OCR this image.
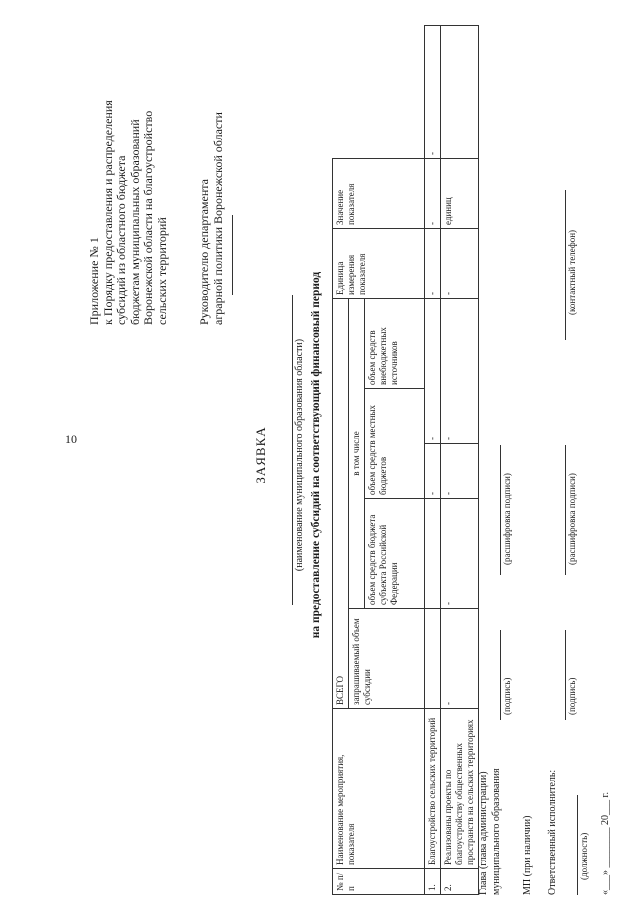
10
Приложение № 1 к Порядку предоставления и распределения субсидий из областного бюджета бюджетам муниципальных образований Воронежской области на благоустройство сельских территорий Руководителю департамента аграрной политики Воронежской области
ЗАЯВКА	(наименование муниципального образования области) на предоставление субсидий на соответствующий финансовый период
№ п/п	Наименование мероприятия, показателя	ВСЕГО					Единица измерения показателя	Значение показателя	
		запрашиваемый объем субсидии	в том числе						
			объем средств бюджета субъекта Российской Федерации	объем средств местных бюджетов		объем средств внебюджетных источников			
1.	Благоустройство сельских территорий			-	-		-	-	-
2.	Реализованы проекты по благоустройству общественных пространств на сельских территориях	-	-	-	-		-	единиц	
Глава (глава администрации) муниципального образования
(подпись)
(расшифровка подписи)
МП (при наличии) Ответственный исполнитель: (должность)
(подпись)
(расшифровка подписи)
(контактный телефон)
«___» ________ 20___ г.
